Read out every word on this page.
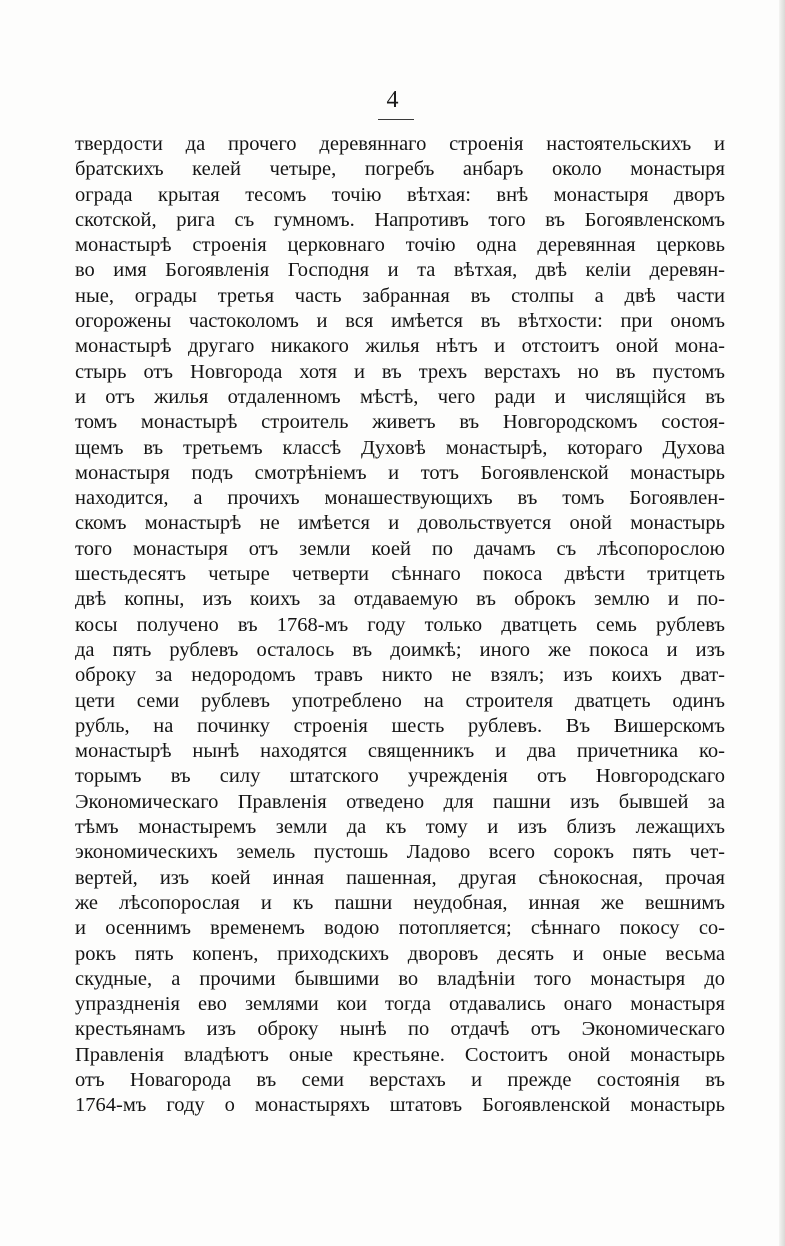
4
твердости да прочего деревяннаго строенія настоятельскихъ и
братскихъ келей четыре, погребъ анбаръ около монастыря
ограда крытая тесомъ точію вѣтхая: внѣ монастыря дворъ
скотской, рига съ гумномъ. Напротивъ того въ Богоявленскомъ
монастырѣ строенія церковнаго точію одна деревянная церковь
во имя Богоявленія Господня и та вѣтхая, двѣ келіи деревян-
ные, ограды третья часть забранная въ столпы а двѣ части
огорожены частоколомъ и вся имѣется въ вѣтхости: при ономъ
монастырѣ другаго никакого жилья нѣтъ и отстоитъ оной мона-
стырь отъ Новгорода хотя и въ трехъ верстахъ но въ пустомъ
и отъ жилья отдаленномъ мѣстѣ, чего ради и числящійся въ
томъ монастырѣ строитель живетъ въ Новгородскомъ состоя-
щемъ въ третьемъ классѣ Духовѣ монастырѣ, котораго Духова
монастыря подъ смотрѣніемъ и тотъ Богоявленской монастырь
находится, а прочихъ монашествующихъ въ томъ Богоявлен-
скомъ монастырѣ не имѣется и довольствуется оной монастырь
того монастыря отъ земли коей по дачамъ съ лѣсопорослою
шестьдесятъ четыре четверти сѣннаго покоса двѣсти тритцеть
двѣ копны, изъ коихъ за отдаваемую въ оброкъ землю и по-
косы получено въ 1768-мъ году только дватцеть семь рублевъ
да пять рублевъ осталось въ доимкѣ; иного же покоса и изъ
оброку за недородомъ травъ никто не взялъ; изъ коихъ дват-
цети семи рублевъ употреблено на строителя дватцеть одинъ
рубль, на починку строенія шесть рублевъ. Въ Вишерскомъ
монастырѣ нынѣ находятся священникъ и два причетника ко-
торымъ въ силу штатского учрежденія отъ Новгородскаго
Экономическаго Правленія отведено для пашни изъ бывшей за
тѣмъ монастыремъ земли да къ тому и изъ близъ лежащихъ
экономическихъ земель пустошь Ладово всего сорокъ пять чет-
вертей, изъ коей инная пашенная, другая сѣнокосная, прочая
же лѣсопорослая и къ пашни неудобная, инная же вешнимъ
и осеннимъ временемъ водою потопляется; сѣннаго покосу со-
рокъ пять копенъ, приходскихъ дворовъ десять и оные весьма
скудные, а прочими бывшими во владѣніи того монастыря до
упраздненія ево землями кои тогда отдавались онаго монастыря
крестьянамъ изъ оброку нынѣ по отдачѣ отъ Экономическаго
Правленія владѣютъ оные крестьяне. Состоитъ оной монастырь
отъ Новагорода въ семи верстахъ и прежде состоянія въ
1764-мъ году о монастыряхъ штатовъ Богоявленской монастырь
